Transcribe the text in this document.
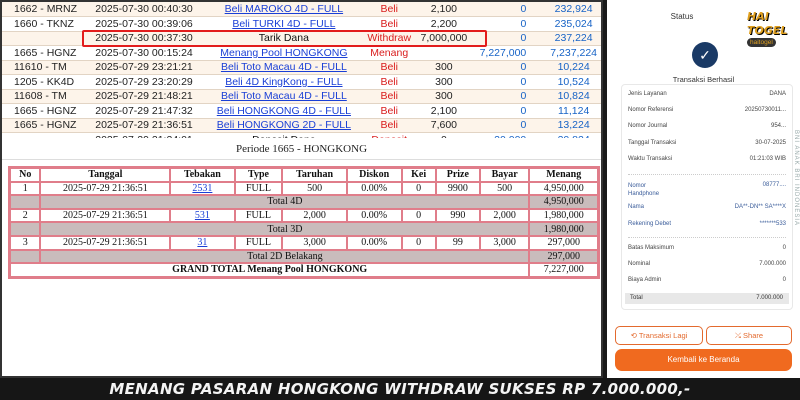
1662 - MRNZ	2025-07-30 00:40:30	Beli MAROKO 4D - FULL	Beli	2,100	0	232,924
1660 - TKNZ	2025-07-30 00:39:06	Beli TURKI 4D - FULL	Beli	2,200	0	235,024
	2025-07-30 00:37:30	Tarik Dana	Withdraw	7,000,000	0	237,224
1665 - HGNZ	2025-07-30 00:15:24	Menang Pool HONGKONG	Menang		7,227,000	7,237,224
11610 - TM	2025-07-29 23:21:21	Beli Toto Macau 4D - FULL	Beli	300	0	10,224
1205 - KK4D	2025-07-29 23:20:29	Beli 4D KingKong - FULL	Beli	300	0	10,524
11608 - TM	2025-07-29 21:48:21	Beli Toto Macau 4D - FULL	Beli	300	0	10,824
1665 - HGNZ	2025-07-29 21:47:32	Beli HONGKONG 4D - FULL	Beli	2,100	0	11,124
1665 - HGNZ	2025-07-29 21:36:51	Beli HONGKONG 2D - FULL	Beli	7,600	0	13,224

Periode 1665 - HONGKONG
No	Tanggal	Tebakan	Type	Taruhan	Diskon	Kei	Prize	Bayar	Menang
1	2025-07-29 21:36:51	2531	FULL	500	0.00%	0	9900	500	4,950,000
	Total 4D								4,950,000
2	2025-07-29 21:36:51	531	FULL	2,000	0.00%	0	990	2,000	1,980,000
	Total 3D								1,980,000
3	2025-07-29 21:36:51	31	FULL	3,000	0.00%	0	99	3,000	297,000
	Total 2D Belakang								297,000
GRAND TOTAL Menang Pool HONGKONG									7,227,000
Status	HAI TOGEL
haitogel
✓
Transaksi Berhasil
Jenis Layanan	DANA
Nomor Referensi	20250730011...
Nomor Journal	954...
Tanggal Transaksi	30-07-2025
Waktu Transaksi	01:21:03 WIB
Nomor Handphone
08777....
Nama	DA**-DN** SA****X
Rekening Debet	*******533
Batas Maksimum	0
Nominal	7.000.000
Biaya Admin	0
Total	7.000.000
BNI ANAK BRI INDONESIA
⟲ Transaksi Lagi	⤯ Share
Kembali ke Beranda
MENANG PASARAN HONGKONG WITHDRAW SUKSES RP 7.000.000,-
